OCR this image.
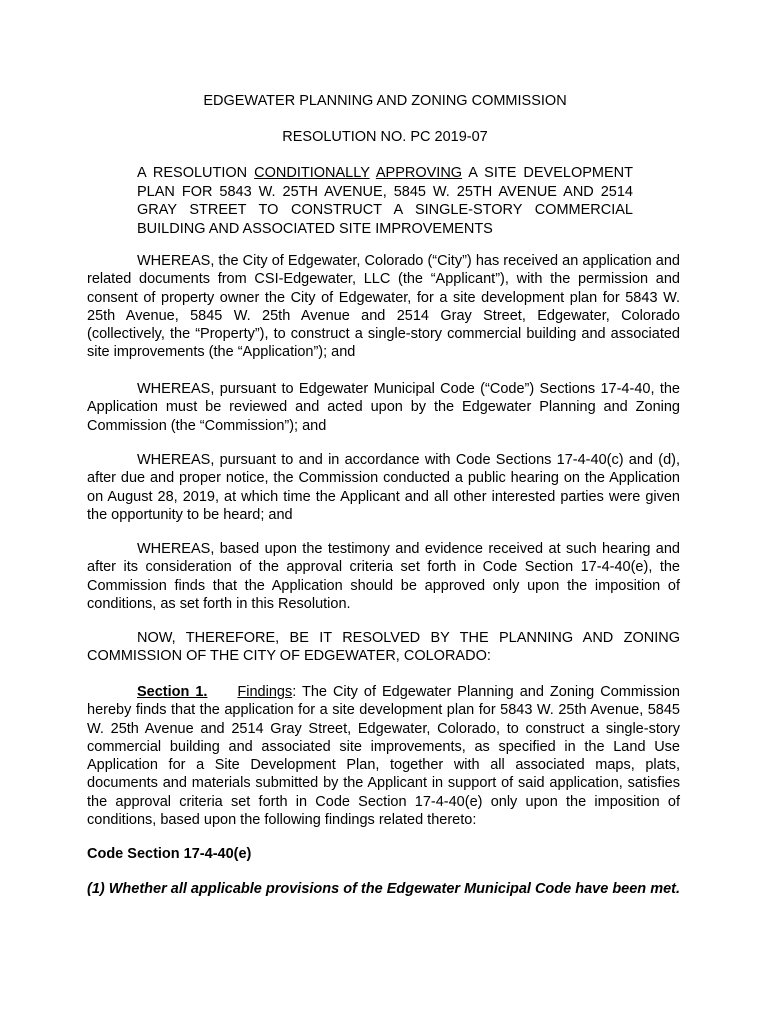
EDGEWATER PLANNING AND ZONING COMMISSION
RESOLUTION NO. PC 2019-07

A RESOLUTION CONDITIONALLY APPROVING A SITE DEVELOPMENT PLAN FOR 5843 W. 25TH AVENUE, 5845 W. 25TH AVENUE AND 2514 GRAY STREET TO CONSTRUCT A SINGLE-STORY COMMERCIAL BUILDING AND ASSOCIATED SITE IMPROVEMENTS

WHEREAS, the City of Edgewater, Colorado (“City”) has received an application and related documents from CSI-Edgewater, LLC (the “Applicant”), with the permission and consent of property owner the City of Edgewater, for a site development plan for 5843 W. 25th Avenue, 5845 W. 25th Avenue and 2514 Gray Street, Edgewater, Colorado (collectively, the “Property”), to construct a single-story commercial building and associated site improvements (the “Application”); and

WHEREAS, pursuant to Edgewater Municipal Code (“Code”) Sections 17-4-40, the Application must be reviewed and acted upon by the Edgewater Planning and Zoning Commission (the “Commission”); and

WHEREAS, pursuant to and in accordance with Code Sections 17-4-40(c) and (d), after due and proper notice, the Commission conducted a public hearing on the Application on August 28, 2019, at which time the Applicant and all other interested parties were given the opportunity to be heard; and

WHEREAS, based upon the testimony and evidence received at such hearing and after its consideration of the approval criteria set forth in Code Section 17-4-40(e), the Commission finds that the Application should be approved only upon the imposition of conditions, as set forth in this Resolution.

NOW, THEREFORE, BE IT RESOLVED BY THE PLANNING AND ZONING COMMISSION OF THE CITY OF EDGEWATER, COLORADO:

Section 1. Findings: The City of Edgewater Planning and Zoning Commission hereby finds that the application for a site development plan for 5843 W. 25th Avenue, 5845 W. 25th Avenue and 2514 Gray Street, Edgewater, Colorado, to construct a single-story commercial building and associated site improvements, as specified in the Land Use Application for a Site Development Plan, together with all associated maps, plats, documents and materials submitted by the Applicant in support of said application, satisfies the approval criteria set forth in Code Section 17-4-40(e) only upon the imposition of conditions, based upon the following findings related thereto:

Code Section 17-4-40(e)

(1) Whether all applicable provisions of the Edgewater Municipal Code have been met.
